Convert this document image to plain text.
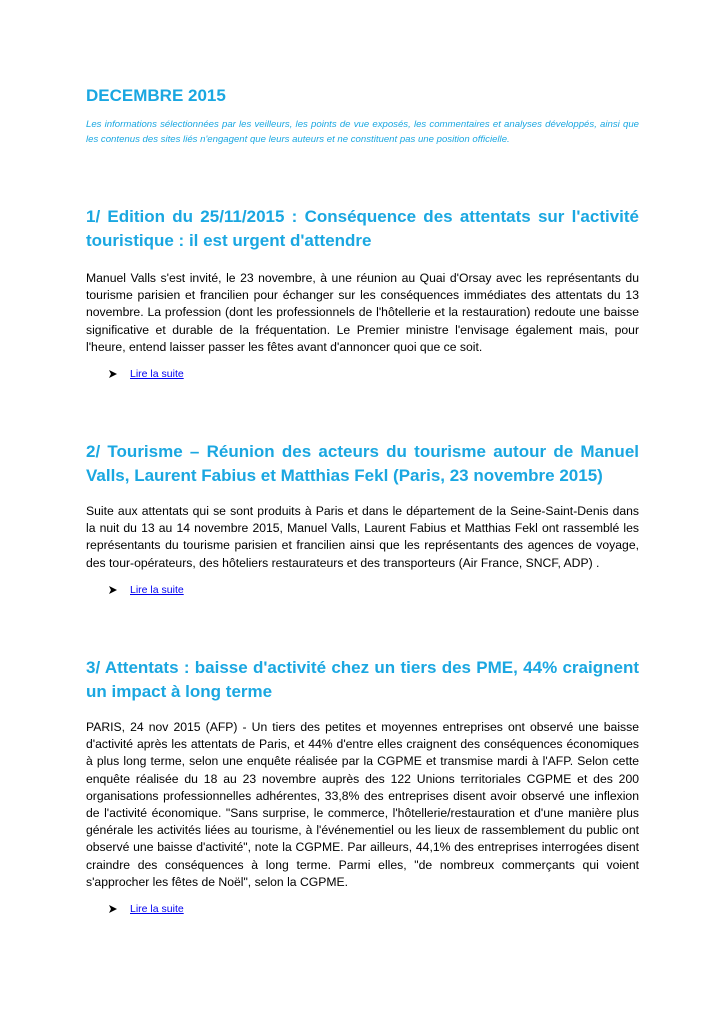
DECEMBRE 2015

Les informations sélectionnées par les veilleurs, les points de vue exposés, les commentaires et analyses développés, ainsi que les contenus des sites liés n'engagent que leurs auteurs et ne constituent pas une position officielle.

1/ Edition du 25/11/2015 : Conséquence des attentats sur l'activité touristique : il est urgent d'attendre

Manuel Valls s'est invité, le 23 novembre, à une réunion au Quai d'Orsay avec les représentants du tourisme parisien et francilien pour échanger sur les conséquences immédiates des attentats du 13 novembre. La profession (dont les professionnels de l'hôtellerie et la restauration) redoute une baisse significative et durable de la fréquentation. Le Premier ministre l'envisage également mais, pour l'heure, entend laisser passer les fêtes avant d'annoncer quoi que ce soit.

Lire la suite
2/ Tourisme – Réunion des acteurs du tourisme autour de Manuel Valls, Laurent Fabius et Matthias Fekl (Paris, 23 novembre 2015)

Suite aux attentats qui se sont produits à Paris et dans le département de la Seine-Saint-Denis dans la nuit du 13 au 14 novembre 2015, Manuel Valls, Laurent Fabius et Matthias Fekl ont rassemblé les représentants du tourisme parisien et francilien ainsi que les représentants des agences de voyage, des tour-opérateurs, des hôteliers restaurateurs et des transporteurs (Air France, SNCF, ADP) .

Lire la suite
3/ Attentats : baisse d'activité chez un tiers des PME, 44% craignent un impact à long terme

PARIS, 24 nov 2015 (AFP) - Un tiers des petites et moyennes entreprises ont observé une baisse d'activité après les attentats de Paris, et 44% d'entre elles craignent des conséquences économiques à plus long terme, selon une enquête réalisée par la CGPME et transmise mardi à l'AFP. Selon cette enquête réalisée du 18 au 23 novembre auprès des 122 Unions territoriales CGPME et des 200 organisations professionnelles adhérentes, 33,8% des entreprises disent avoir observé une inflexion de l'activité économique. "Sans surprise, le commerce, l'hôtellerie/restauration et d'une manière plus générale les activités liées au tourisme, à l'événementiel ou les lieux de rassemblement du public ont observé une baisse d'activité", note la CGPME. Par ailleurs, 44,1% des entreprises interrogées disent craindre des conséquences à long terme. Parmi elles, "de nombreux commerçants qui voient s'approcher les fêtes de Noël", selon la CGPME.

Lire la suite
